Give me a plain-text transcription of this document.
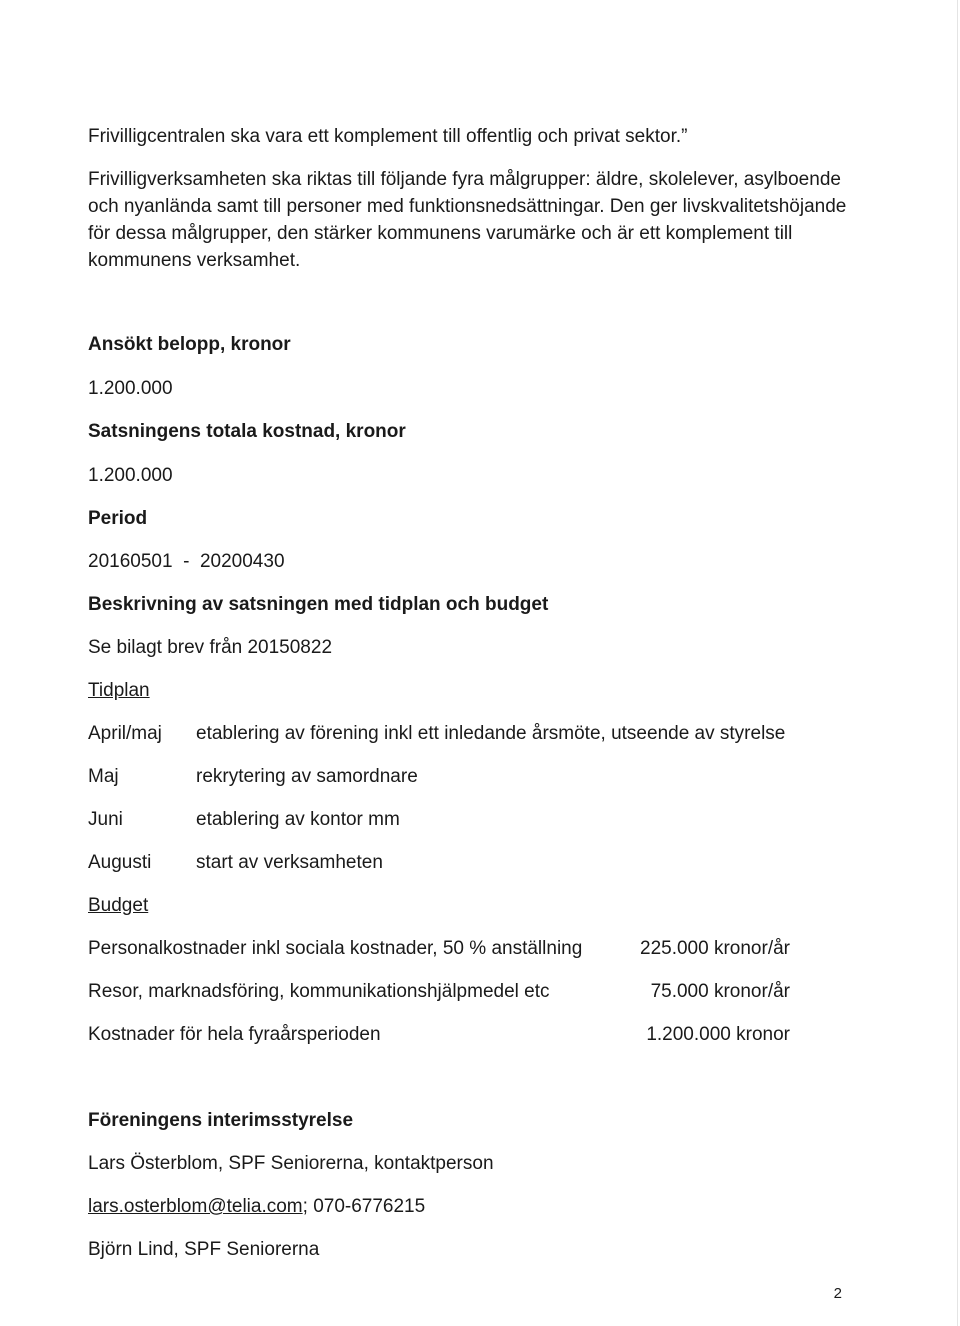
Frivilligcentralen ska vara ett komplement till offentlig och privat sektor.”

Frivilligverksamheten ska riktas till följande fyra målgrupper: äldre, skolelever, asylboende och nyanlända samt till personer med funktionsnedsättningar. Den ger livskvalitetshöjande för dessa målgrupper, den stärker kommunens varumärke och är ett komplement till kommunens verksamhet.

Ansökt belopp, kronor

1.200.000

Satsningens totala kostnad, kronor

1.200.000

Period

20160501  -  20200430

Beskrivning av satsningen med tidplan och budget

Se bilagt brev från 20150822

Tidplan

April/maj etablering av förening inkl ett inledande årsmöte, utseende av styrelse
Maj	rekrytering av samordnare
Juni	etablering av kontor mm
Augusti start av verksamheten

Budget

Personalkostnader inkl sociala kostnader, 50 % anställning	225.000 kronor/år
Resor, marknadsföring, kommunikationshjälpmedel etc	75.000 kronor/år
Kostnader för hela fyraårsperioden	1.200.000 kronor

Föreningens interimsstyrelse

Lars Österblom, SPF Seniorerna, kontaktperson

lars.osterblom@telia.com; 070-6776215

Björn Lind, SPF Seniorerna

2
